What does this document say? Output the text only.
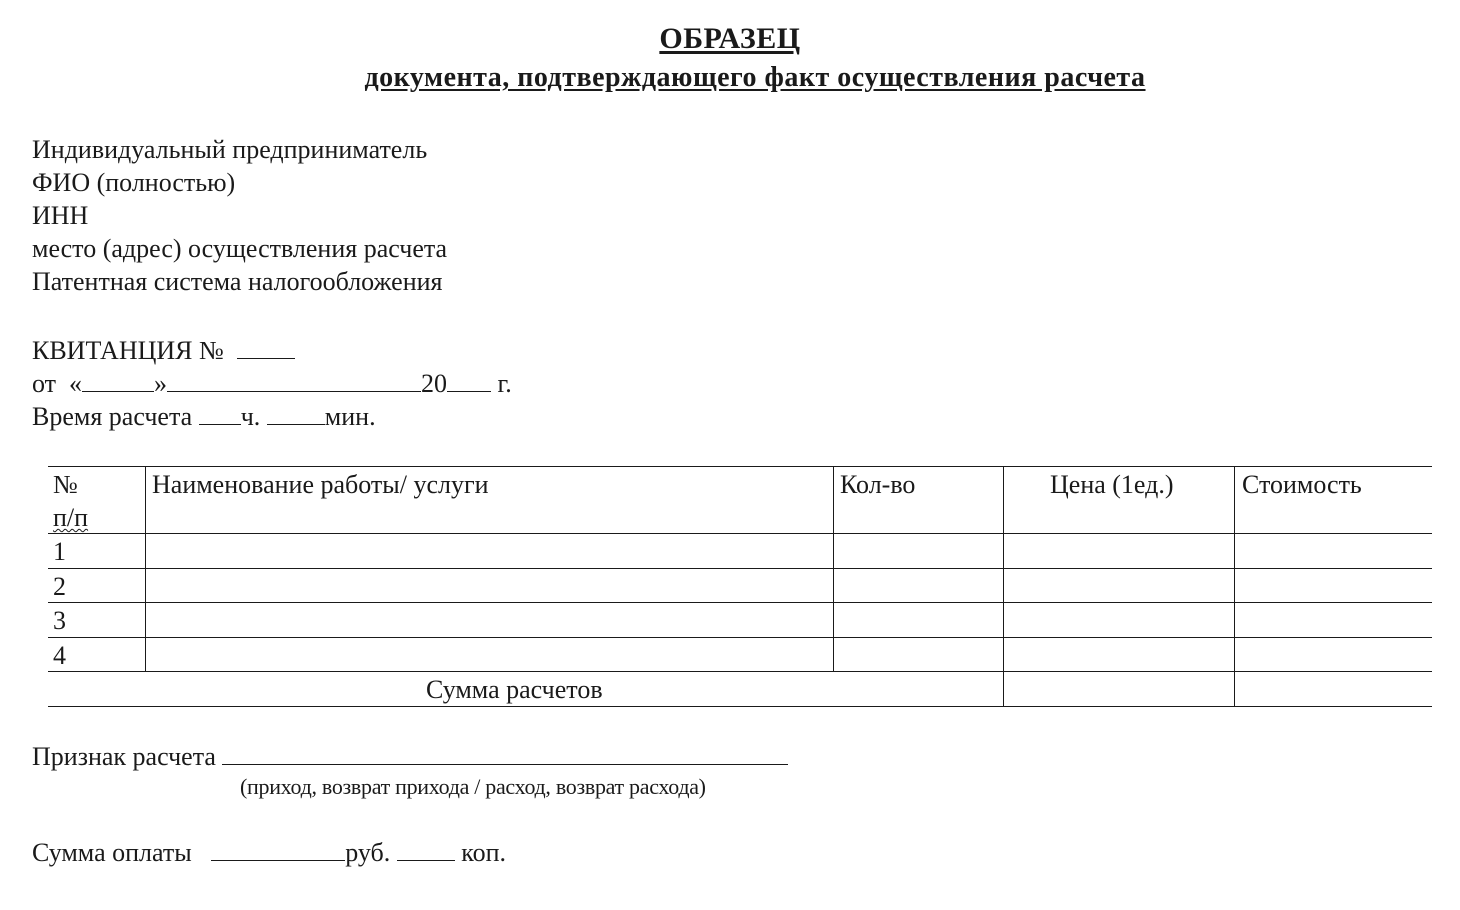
ОБРАЗЕЦ
документа, подтверждающего факт осуществления расчета
Индивидуальный предприниматель
ФИО (полностью)
ИНН
место (адрес) осуществления расчета
Патентная система налогообложения
КВИТАНЦИЯ №
от «	»	20 г.
Время расчета ч. мин.
№
п/п
Наименование работы/ услуги	Кол-во	Цена (1ед.)	Стоимость
1
2
3
4
Сумма расчетов
Признак расчета
(приход, возврат прихода / расход, возврат расхода)
Сумма оплаты	руб.	коп.
